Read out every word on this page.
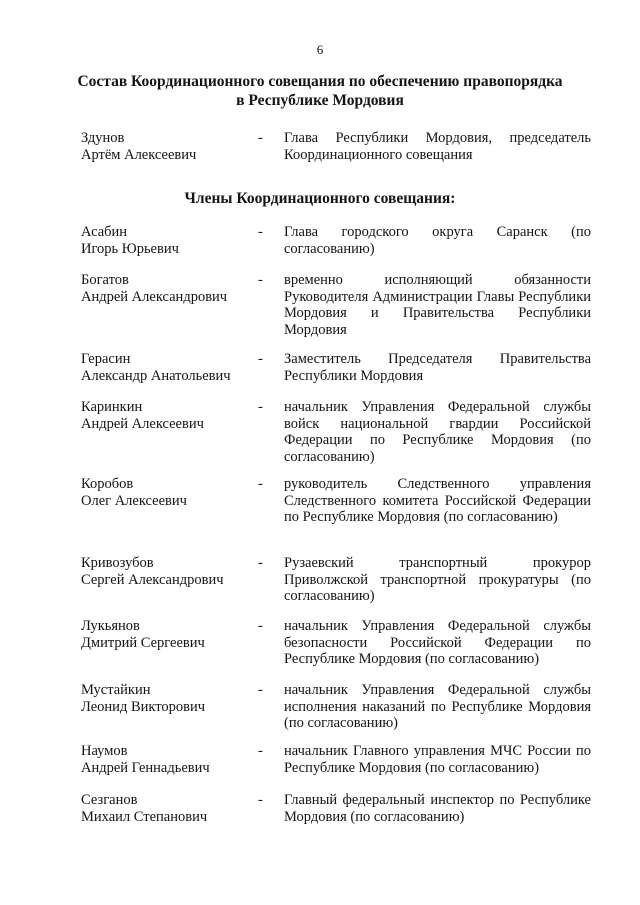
6
Состав Координационного совещания по обеспечению правопорядка
в Республике Мордовия
Здунов
Артём Алексеевич
- Глава Республики Мордовия, председатель Координационного совещания
Члены Координационного совещания:
Асабин
Игорь Юрьевич
- Глава городского округа Саранск (по согласованию)
Богатов
Андрей Александрович
- временно исполняющий обязанности Руководителя Администрации Главы Республики Мордовия и Правительства Республики Мордовия
Герасин
Александр Анатольевич
- Заместитель Председателя Правительства Республики Мордовия
Каринкин
Андрей Алексеевич
- начальник Управления Федеральной службы войск национальной гвардии Российской Федерации по Республике Мордовия (по согласованию)
Коробов
Олег Алексеевич
- руководитель Следственного управления Следственного комитета Российской Федерации по Республике Мордовия (по согласованию)
Кривозубов
Сергей Александрович
- Рузаевский транспортный прокурор Приволжской транспортной прокуратуры (по согласованию)
Лукьянов
Дмитрий Сергеевич
- начальник Управления Федеральной службы безопасности Российской Федерации по Республике Мордовия (по согласованию)
Мустайкин
Леонид Викторович
- начальник Управления Федеральной службы исполнения наказаний по Республике Мордовия (по согласованию)
Наумов
Андрей Геннадьевич
- начальник Главного управления МЧС России по Республике Мордовия (по согласованию)
Сезганов
Михаил Степанович
- Главный федеральный инспектор по Республике Мордовия (по согласованию)
